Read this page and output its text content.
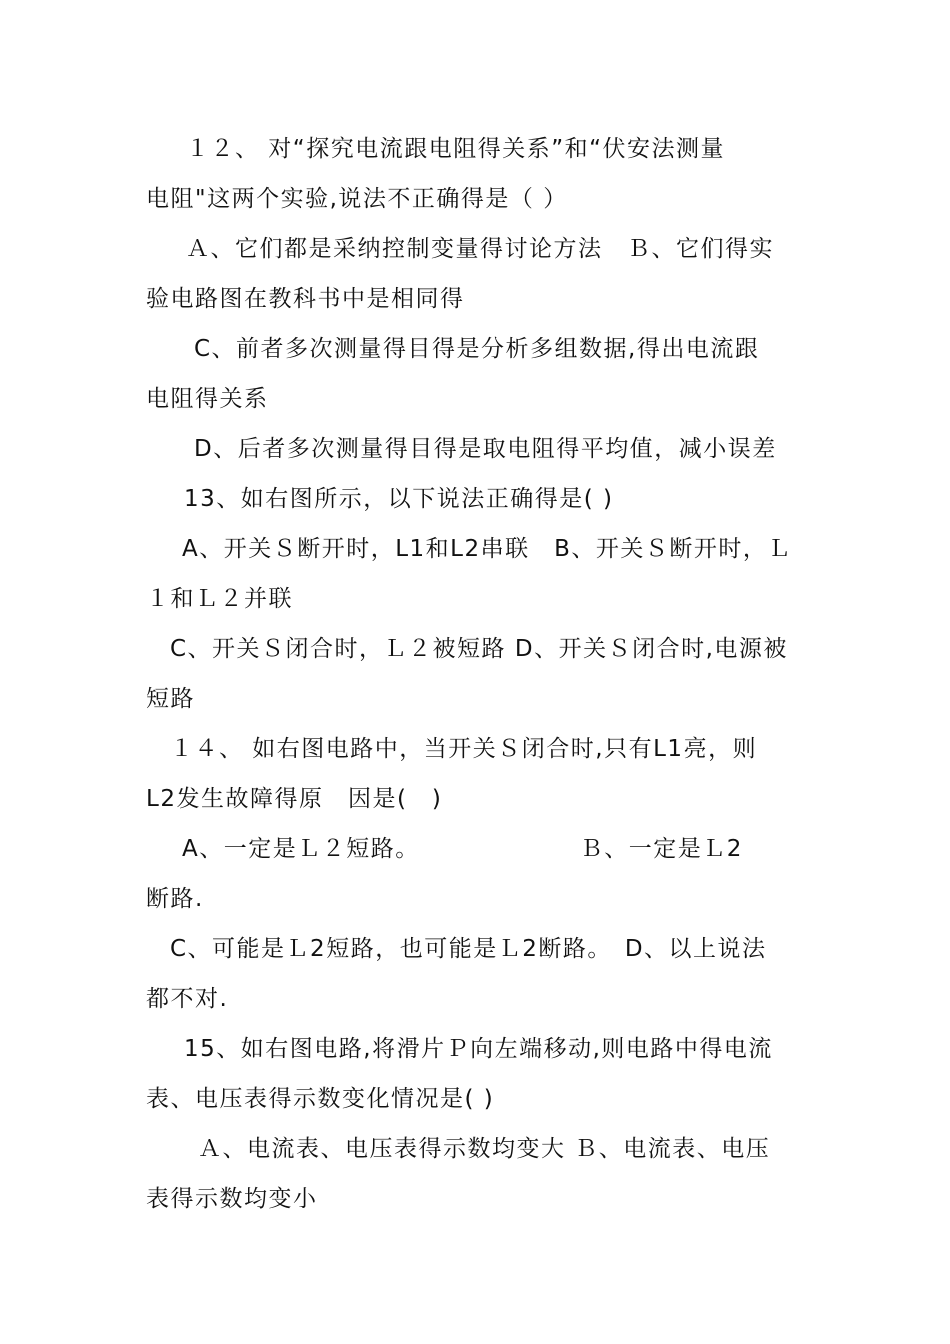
１２、 对“探究电流跟电阻得关系”和“伏安法测量
电阻"这两个实验,说法不正确得是（ ）
Ａ、它们都是采纳控制变量得讨论方法　Ｂ、它们得实
验电路图在教科书中是相同得
C、前者多次测量得目得是分析多组数据,得出电流跟
电阻得关系
D、后者多次测量得目得是取电阻得平均值，减小误差
13、如右图所示，以下说法正确得是( )
A、开关Ｓ断开时，L1和L2串联　B、开关Ｓ断开时，Ｌ
１和Ｌ２并联
C、开关Ｓ闭合时，Ｌ２被短路 D、开关Ｓ闭合时,电源被
短路
１４、 如右图电路中，当开关Ｓ闭合时,只有L1亮，则
L2发生故障得原　因是(　)
A、一定是Ｌ２短路。　　　　　　　Ｂ、一定是Ｌ2
断路.
C、可能是Ｌ2短路，也可能是Ｌ2断路。　D、以上说法
都不对.
15、如右图电路,将滑片Ｐ向左端移动,则电路中得电流
表、电压表得示数变化情况是( )
Ａ、电流表、电压表得示数均变大 Ｂ、电流表、电压
表得示数均变小
